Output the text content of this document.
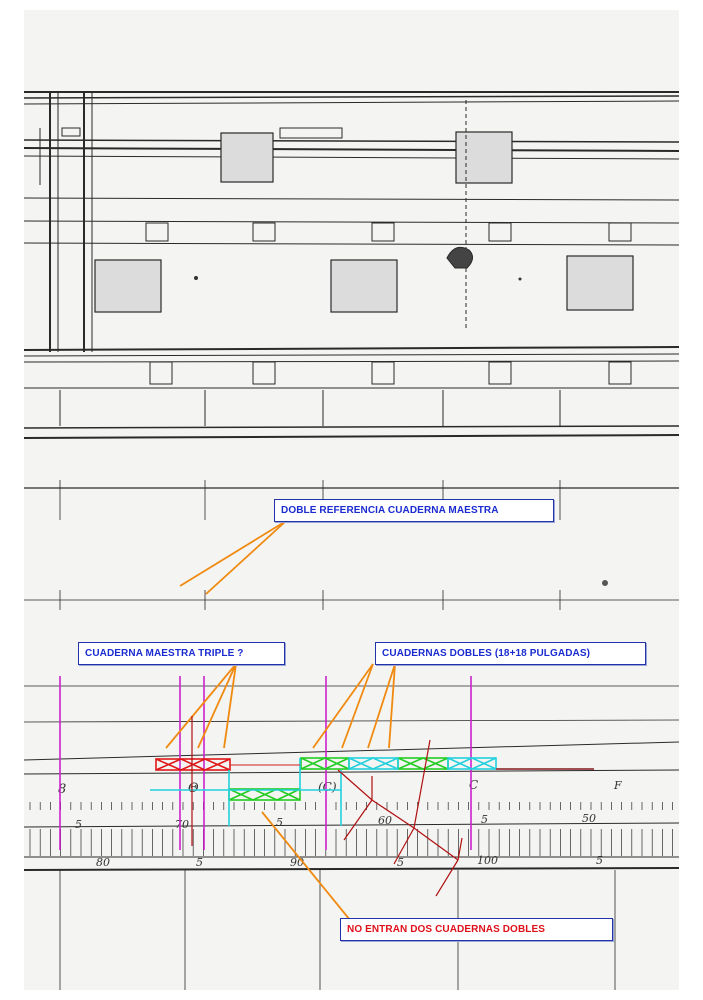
8	Θ	(C)	C	F
5	70	5	60	5	50
80	5	90	5	100	5
DOBLE REFERENCIA CUADERNA MAESTRA
CUADERNA MAESTRA TRIPLE ?	CUADERNAS DOBLES (18+18 PULGADAS)
NO ENTRAN DOS CUADERNAS DOBLES
